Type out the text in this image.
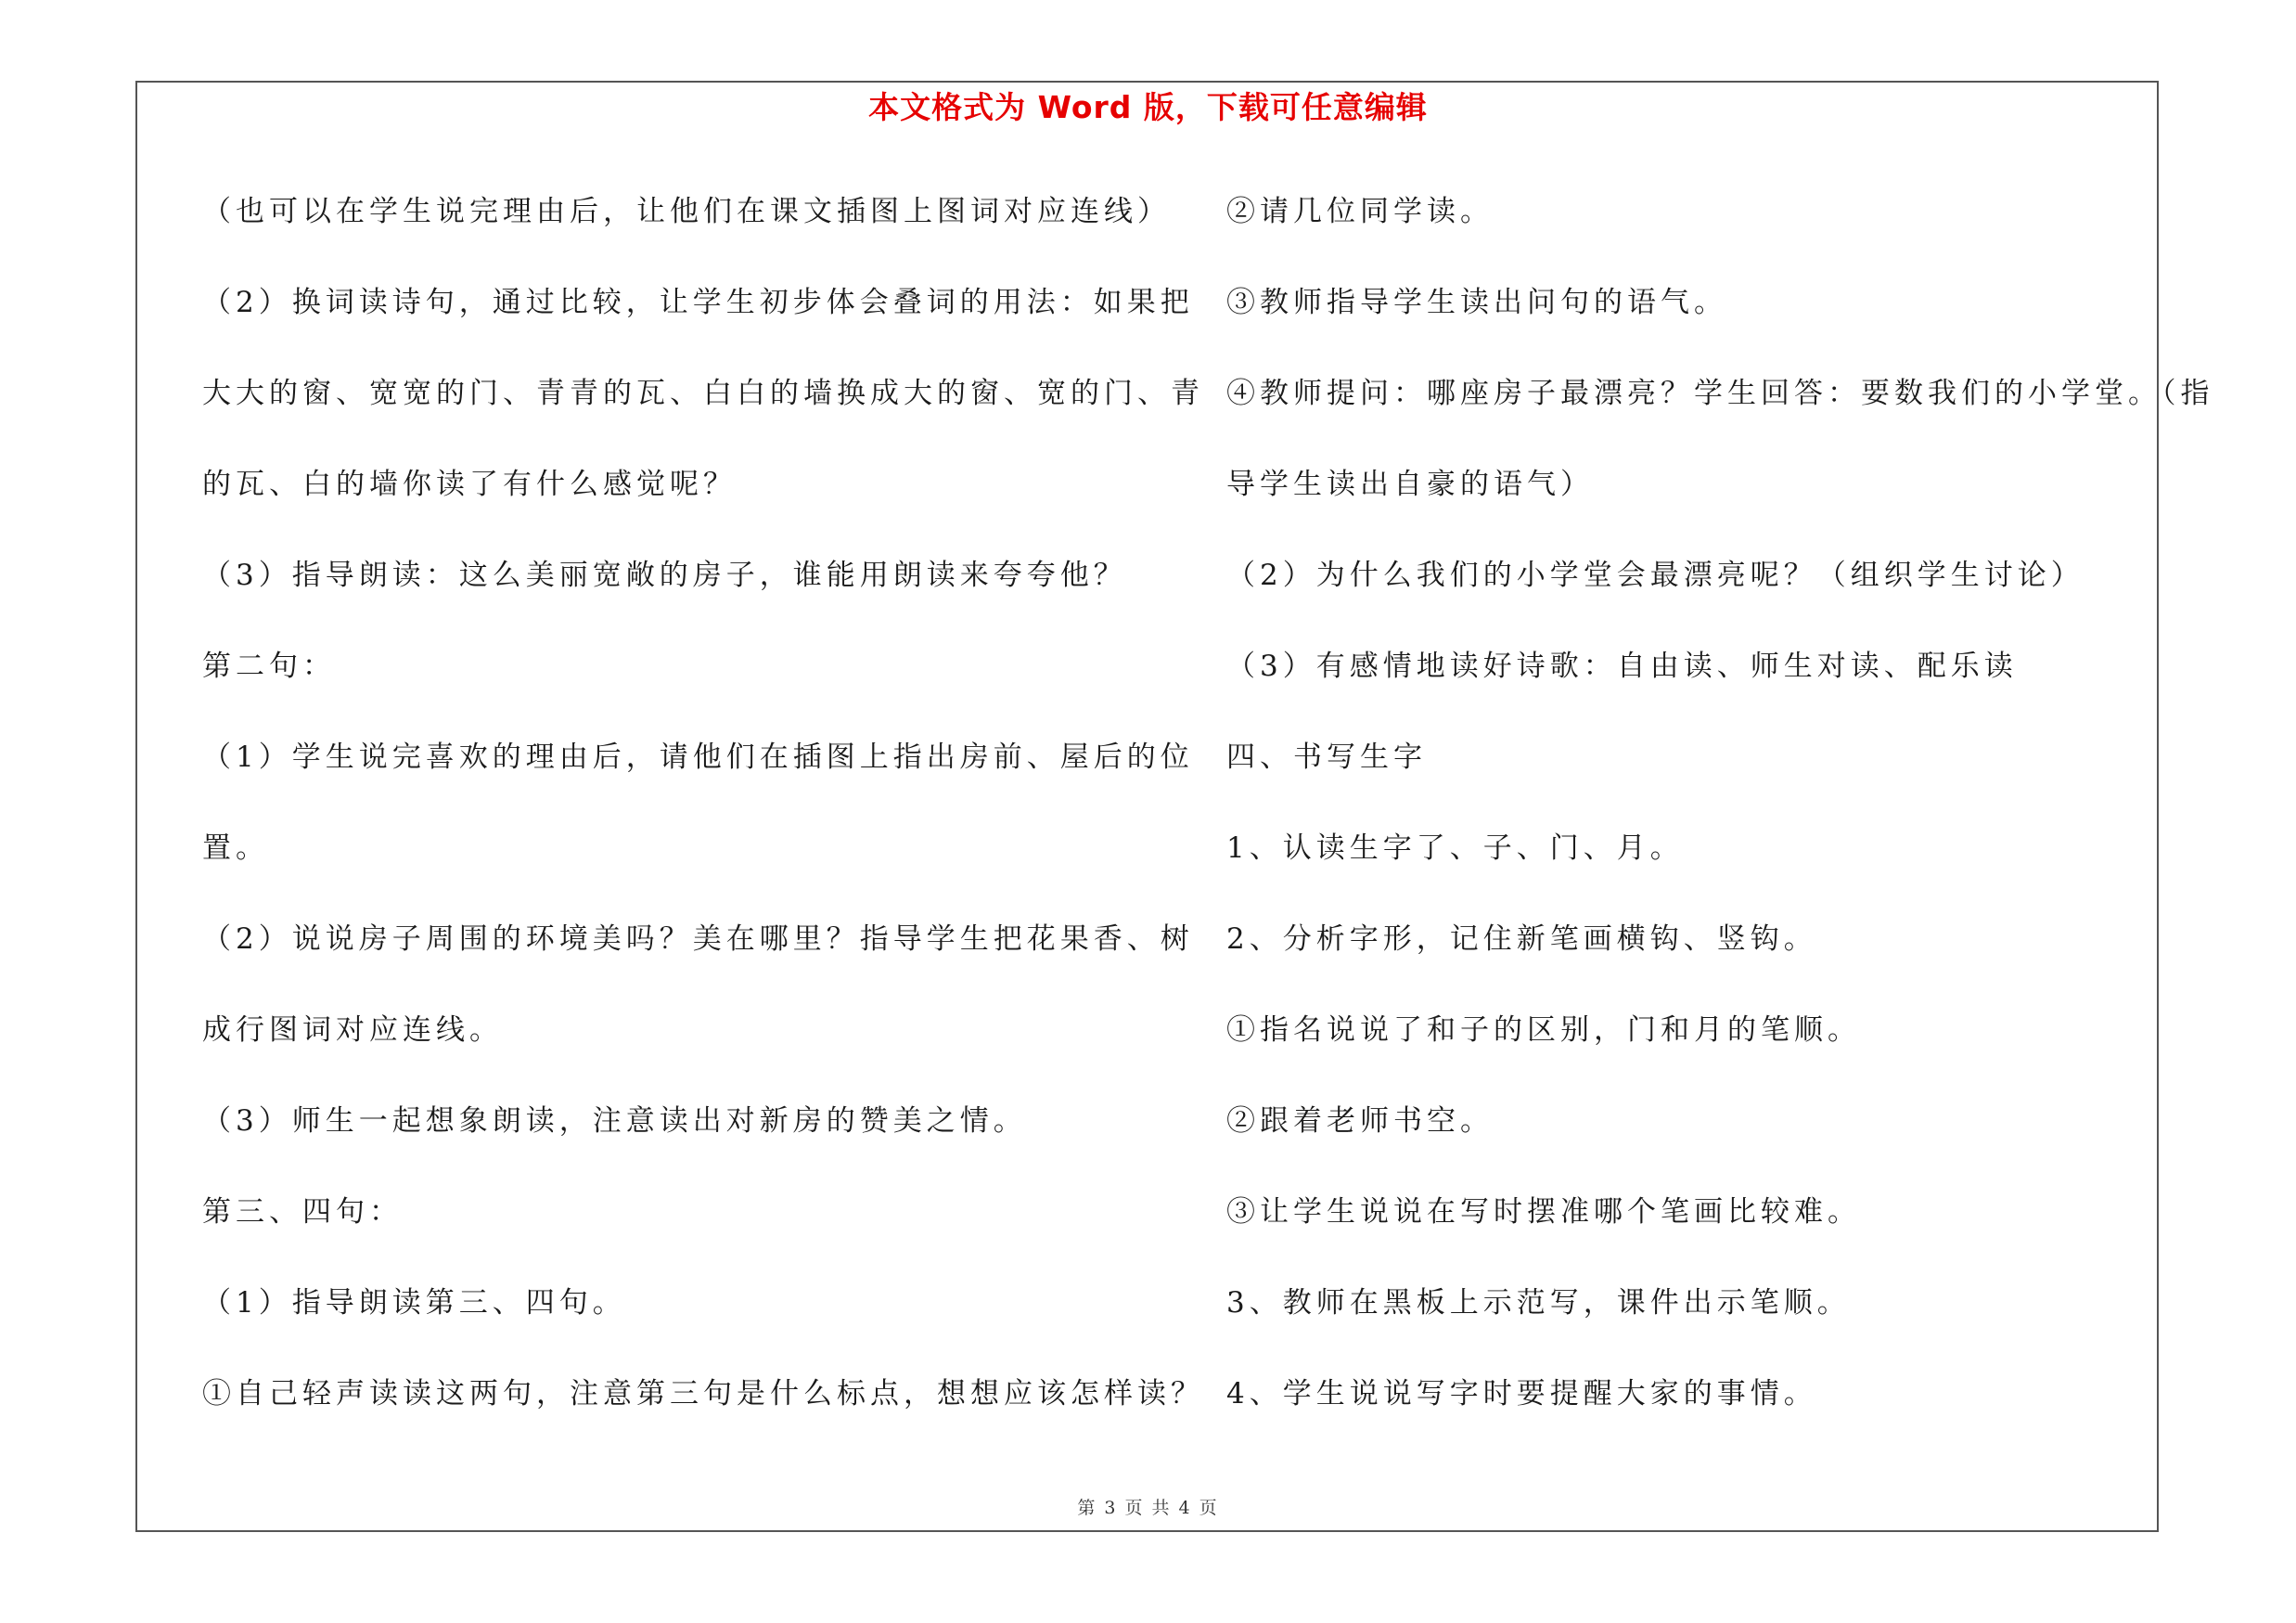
本文格式为 Word 版，下载可任意编辑
（也可以在学生说完理由后，让他们在课文插图上图词对应连线）
（2）换词读诗句，通过比较，让学生初步体会叠词的用法：如果把
大大的窗、宽宽的门、青青的瓦、白白的墙换成大的窗、宽的门、青
的瓦、白的墙你读了有什么感觉呢？
（3）指导朗读：这么美丽宽敞的房子，谁能用朗读来夸夸他？
第二句：
（1）学生说完喜欢的理由后，请他们在插图上指出房前、屋后的位
置。
（2）说说房子周围的环境美吗？美在哪里？指导学生把花果香、树
成行图词对应连线。
（3）师生一起想象朗读，注意读出对新房的赞美之情。
第三、四句：
（1）指导朗读第三、四句。
①自己轻声读读这两句，注意第三句是什么标点，想想应该怎样读？
②请几位同学读。
③教师指导学生读出问句的语气。
④教师提问：哪座房子最漂亮？学生回答：要数我们的小学堂。（指
导学生读出自豪的语气）
（2）为什么我们的小学堂会最漂亮呢？（组织学生讨论）
（3）有感情地读好诗歌：自由读、师生对读、配乐读
四、书写生字
1、认读生字了、子、门、月。
2、分析字形，记住新笔画横钩、竖钩。
①指名说说了和子的区别，门和月的笔顺。
②跟着老师书空。
③让学生说说在写时摆准哪个笔画比较难。
3、教师在黑板上示范写，课件出示笔顺。
4、学生说说写字时要提醒大家的事情。
第 3 页 共 4 页
